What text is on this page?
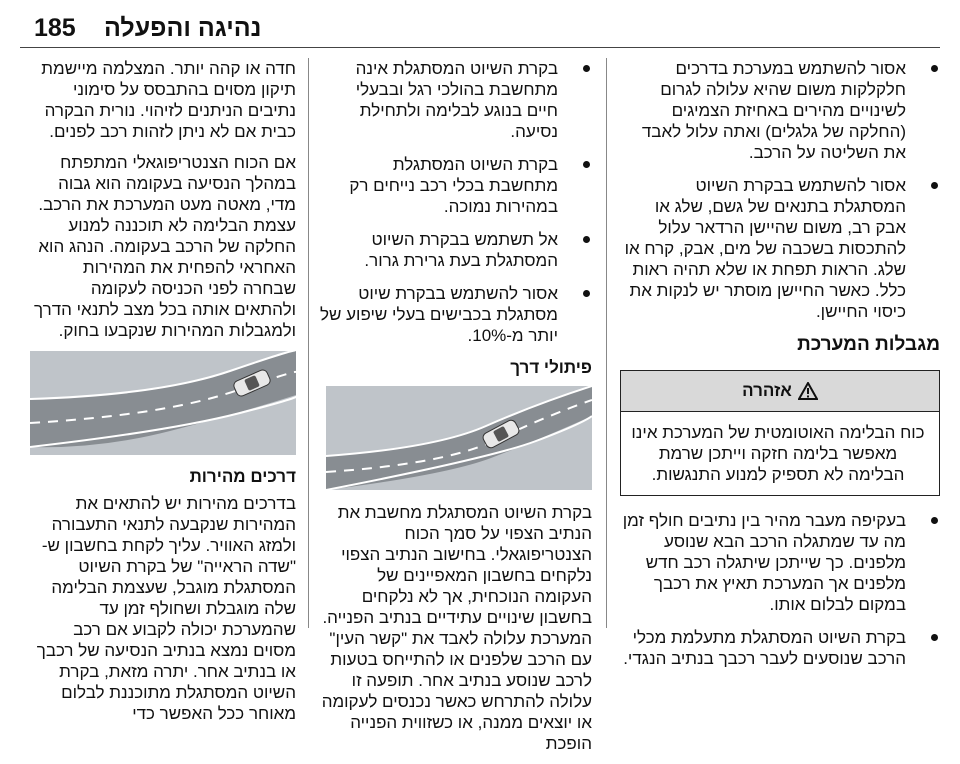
185 נהיגה והפעלה
אסור להשתמש במערכת בדרכים חלקלקות משום שהיא עלולה לגרום לשינויים מהירים באחיזת הצמיגים (החלקה של גלגלים) ואתה עלול לאבד את השליטה על הרכב.
אסור להשתמש בבקרת השיוט המסתגלת בתנאים של גשם, שלג או אבק רב, משום שהיישן הרדאר עלול להתכסות בשכבה של מים, אבק, קרח או שלג. הראות תפחת או שלא תהיה ראות כלל. כאשר החיישן מוסתר יש לנקות את כיסוי החיישן.
מגבלות המערכת
אזהרה
כוח הבלימה האוטומטית של המערכת אינו מאפשר בלימה חזקה וייתכן שרמת הבלימה לא תספיק למנוע התנגשות.
בעקיפה מעבר מהיר בין נתיבים חולף זמן מה עד שמתגלה הרכב הבא שנוסע מלפנים. כך שייתכן שיתגלה רכב חדש מלפנים אך המערכת תאיץ את רכבך במקום לבלום אותו.
בקרת השיוט המסתגלת מתעלמת מכלי הרכב שנוסעים לעבר רכבך בנתיב הנגדי.
בקרת השיוט המסתגלת אינה מתחשבת בהולכי רגל ובבעלי חיים בנוגע לבלימה ולתחילת נסיעה.
בקרת השיוט המסתגלת מתחשבת בכלי רכב נייחים רק במהירות נמוכה.
אל תשתמש בבקרת השיוט המסתגלת בעת גרירת גרור.
אסור להשתמש בבקרת שיוט מסתגלת בכבישים בעלי שיפוע של יותר מ-10%.
פיתולי דרך

בקרת השיוט המסתגלת מחשבת את הנתיב הצפוי על סמך הכוח הצנטריפוגאלי. בחישוב הנתיב הצפוי נלקחים בחשבון המאפיינים של העקומה הנוכחית, אך לא נלקחים בחשבון שינויים עתידיים בנתיב הפנייה. המערכת עלולה לאבד את "קשר העין" עם הרכב שלפנים או להתייחס בטעות לרכב שנוסע בנתיב אחר. תופעה זו עלולה להתרחש כאשר נכנסים לעקומה או יוצאים ממנה, או כשזווית הפנייה הופכת

חדה או קהה יותר. המצלמה מיישמת תיקון מסוים בהתבסס על סימוני נתיבים הניתנים לזיהוי. נורית הבקרה כבית אם לא ניתן לזהות רכב לפנים.

אם הכוח הצנטריפוגאלי המתפתח במהלך הנסיעה בעקומה הוא גבוה מדי, מאטה מעט המערכת את הרכב. עצמת הבלימה לא תוכננה למנוע החלקה של הרכב בעקומה. הנהג הוא האחראי להפחית את המהירות שבחרה לפני הכניסה לעקומה ולהתאים אותה בכל מצב לתנאי הדרך ולמגבלות המהירות שנקבעו בחוק.

דרכים מהירות

בדרכים מהירות יש להתאים את המהירות שנקבעה לתנאי התעבורה ולמזג האוויר. עליך לקחת בחשבון ש-"שדה הראייה" של בקרת השיוט המסתגלת מוגבל, שעצמת הבלימה שלה מוגבלת ושחולף זמן עד שהמערכת יכולה לקבוע אם רכב מסוים נמצא בנתיב הנסיעה של רכבך או בנתיב אחר. יתרה מזאת, בקרת השיוט המסתגלת מתוכננת לבלום מאוחר ככל האפשר כדי
